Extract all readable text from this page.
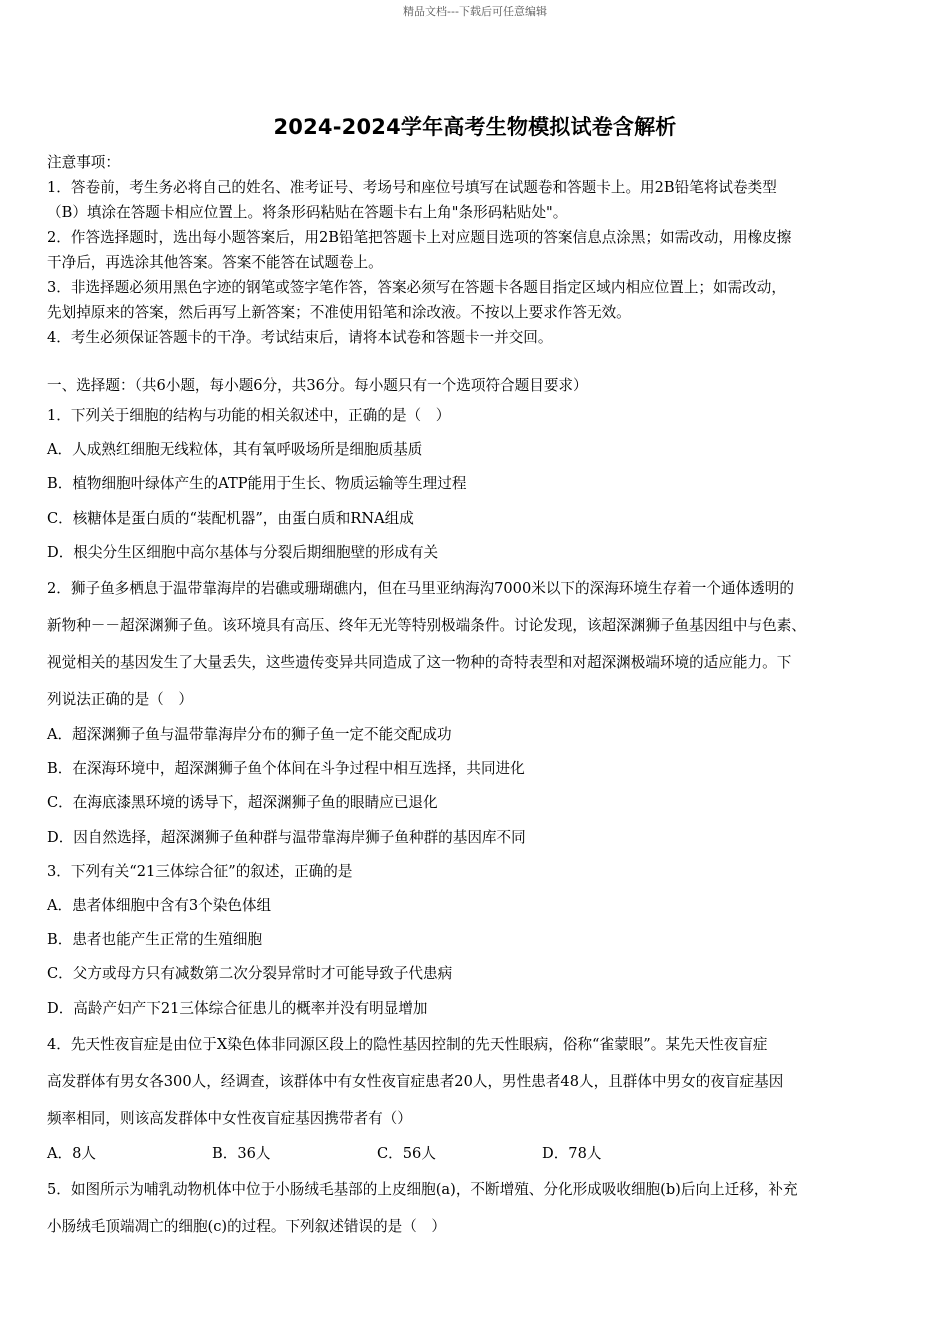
精品文档---下载后可任意编辑
2024-2024学年高考生物模拟试卷含解析

注意事项：

1．答卷前，考生务必将自己的姓名、准考证号、考场号和座位号填写在试题卷和答题卡上。用2B铅笔将试卷类型

（B）填涂在答题卡相应位置上。将条形码粘贴在答题卡右上角"条形码粘贴处"。

2．作答选择题时，选出每小题答案后，用2B铅笔把答题卡上对应题目选项的答案信息点涂黑；如需改动，用橡皮擦

干净后，再选涂其他答案。答案不能答在试题卷上。

3．非选择题必须用黑色字迹的钢笔或签字笔作答，答案必须写在答题卡各题目指定区域内相应位置上；如需改动，

先划掉原来的答案，然后再写上新答案；不准使用铅笔和涂改液。不按以上要求作答无效。

4．考生必须保证答题卡的干净。考试结束后，请将本试卷和答题卡一并交回。

一、选择题：（共6小题，每小题6分，共36分。每小题只有一个选项符合题目要求）

1．下列关于细胞的结构与功能的相关叙述中，正确的是（　）

A．人成熟红细胞无线粒体，其有氧呼吸场所是细胞质基质

B．植物细胞叶绿体产生的ATP能用于生长、物质运输等生理过程

C．核糖体是蛋白质的“装配机器”，由蛋白质和RNA组成

D．根尖分生区细胞中高尔基体与分裂后期细胞壁的形成有关

2．狮子鱼多栖息于温带靠海岸的岩礁或珊瑚礁内，但在马里亚纳海沟7000米以下的深海环境生存着一个通体透明的

新物种－－超深渊狮子鱼。该环境具有高压、终年无光等特别极端条件。讨论发现，该超深渊狮子鱼基因组中与色素、

视觉相关的基因发生了大量丢失，这些遗传变异共同造成了这一物种的奇特表型和对超深渊极端环境的适应能力。下

列说法正确的是（　）

A．超深渊狮子鱼与温带靠海岸分布的狮子鱼一定不能交配成功

B．在深海环境中，超深渊狮子鱼个体间在斗争过程中相互选择，共同进化

C．在海底漆黑环境的诱导下，超深渊狮子鱼的眼睛应已退化

D．因自然选择，超深渊狮子鱼种群与温带靠海岸狮子鱼种群的基因库不同

3．下列有关“21三体综合征”的叙述，正确的是

A．患者体细胞中含有3个染色体组

B．患者也能产生正常的生殖细胞

C．父方或母方只有减数第二次分裂异常时才可能导致子代患病

D．高龄产妇产下21三体综合征患儿的概率并没有明显增加

4．先天性夜盲症是由位于X染色体非同源区段上的隐性基因控制的先天性眼病，俗称“雀蒙眼”。某先天性夜盲症

高发群体有男女各300人，经调查，该群体中有女性夜盲症患者20人，男性患者48人，且群体中男女的夜盲症基因

频率相同，则该高发群体中女性夜盲症基因携带者有（）

A．8人	B．36人	C．56人	D．78人

5．如图所示为哺乳动物机体中位于小肠绒毛基部的上皮细胞(a)，不断增殖、分化形成吸收细胞(b)后向上迁移，补充

小肠绒毛顶端凋亡的细胞(c)的过程。下列叙述错误的是（　）
